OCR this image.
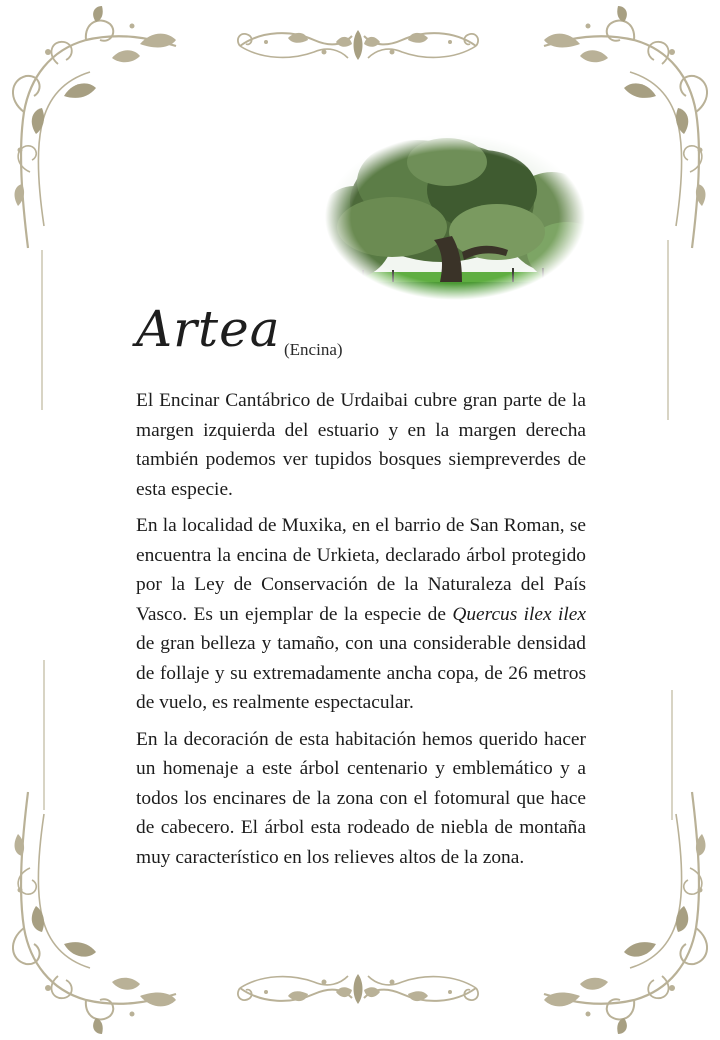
Artea (Encina)

El Encinar Cantábrico de Urdaibai cubre gran parte de la margen izquierda del estuario y en la margen derecha también podemos ver tupidos bosques siempreverdes de esta especie.

En la localidad de Muxika, en el barrio de San Roman, se encuentra la encina de Urkieta, declarado árbol protegido por la Ley de Conservación de la Naturaleza del País Vasco. Es un ejemplar de la especie de Quercus ilex ilex de gran belleza y tamaño, con una considerable densidad de follaje y su extremadamente ancha copa, de 26 metros de vuelo, es realmente espectacular.

En la decoración de esta habitación hemos querido hacer un homenaje a este árbol centenario y emblemático y a todos los encinares de la zona con el fotomural que hace de cabecero. El árbol esta rodeado de niebla de montaña muy característico en los relieves altos de la zona.
